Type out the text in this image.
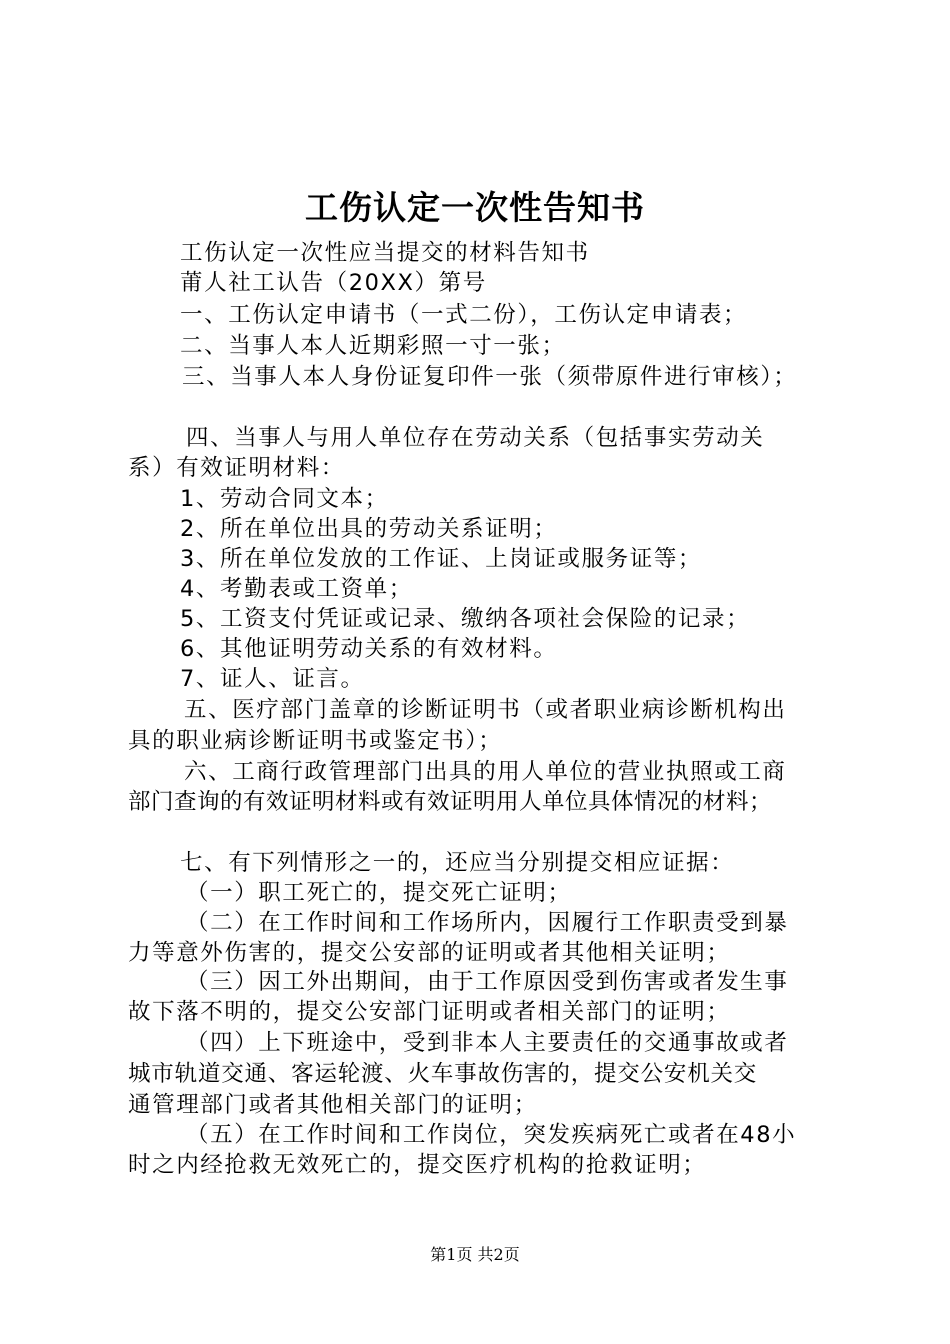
工伤认定一次性告知书

工伤认定一次性应当提交的材料告知书

莆人社工认告（20XX）第号

一、工伤认定申请书（一式二份），工伤认定申请表；

二、当事人本人近期彩照一寸一张；

三、当事人本人身份证复印件一张（须带原件进行审核）；

四、当事人与用人单位存在劳动关系（包括事实劳动关

系）有效证明材料：

1、劳动合同文本；

2、所在单位出具的劳动关系证明；

3、所在单位发放的工作证、上岗证或服务证等；

4、考勤表或工资单；

5、工资支付凭证或记录、缴纳各项社会保险的记录；

6、其他证明劳动关系的有效材料。

7、证人、证言。

五、医疗部门盖章的诊断证明书（或者职业病诊断机构出

具的职业病诊断证明书或鉴定书）；

六、工商行政管理部门出具的用人单位的营业执照或工商

部门查询的有效证明材料或有效证明用人单位具体情况的材料；

七、有下列情形之一的，还应当分别提交相应证据：

（一）职工死亡的，提交死亡证明；

（二）在工作时间和工作场所内，因履行工作职责受到暴

力等意外伤害的，提交公安部的证明或者其他相关证明；

（三）因工外出期间，由于工作原因受到伤害或者发生事

故下落不明的，提交公安部门证明或者相关部门的证明；

（四）上下班途中，受到非本人主要责任的交通事故或者

城市轨道交通、客运轮渡、火车事故伤害的，提交公安机关交

通管理部门或者其他相关部门的证明；

（五）在工作时间和工作岗位，突发疾病死亡或者在48小

时之内经抢救无效死亡的，提交医疗机构的抢救证明；

第1页 共2页
